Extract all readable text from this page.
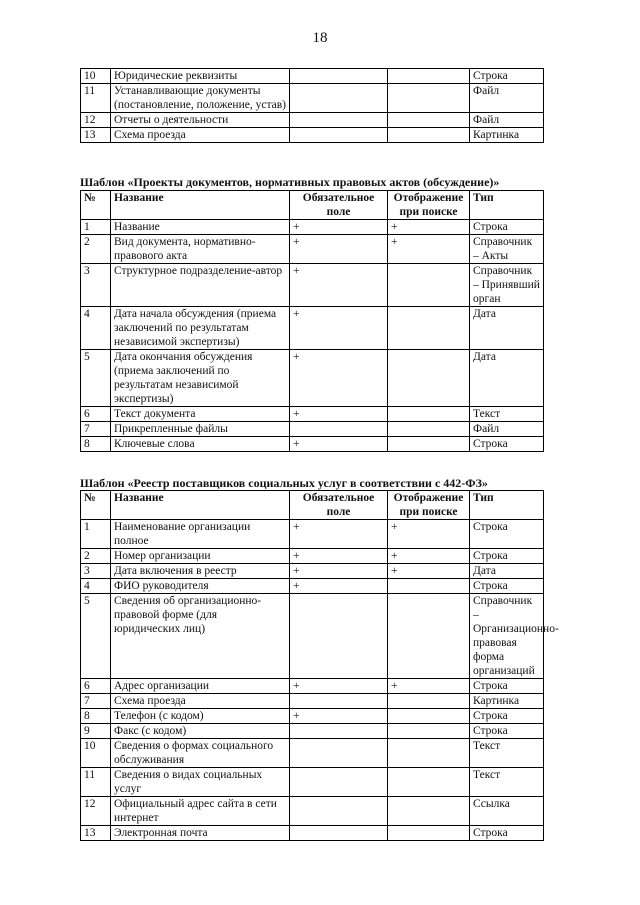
18
10	Юридические реквизиты			Строка
11	Устанавливающие документы (постановление, положение, устав)			Файл
12	Отчеты о деятельности			Файл
13	Схема проезда			Картинка
Шаблон «Проекты документов, нормативных правовых актов (обсуждение)»
№	Название	Обязательное поле	Отображение при поиске	Тип
1	Название	+	+	Строка
2	Вид документа, нормативно-правового акта	+	+	Справочник – Акты
3	Структурное подразделение-автор	+		Справочник – Принявший орган
4	Дата начала обсуждения (приема заключений по результатам независимой экспертизы)	+		Дата
5	Дата окончания обсуждения (приема заключений по результатам независимой экспертизы)	+		Дата
6	Текст документа	+		Текст
7	Прикрепленные файлы			Файл
8	Ключевые слова	+		Строка
Шаблон «Реестр поставщиков социальных услуг в соответствии с 442-ФЗ»
№	Название	Обязательное поле	Отображение при поиске	Тип
1	Наименование организации полное	+	+	Строка
2	Номер организации	+	+	Строка
3	Дата включения в реестр	+	+	Дата
4	ФИО руководителя	+		Строка
5	Сведения об организационно-правовой форме (для юридических лиц)			Справочник – Организационно-правовая форма организаций
6	Адрес организации	+	+	Строка
7	Схема проезда			Картинка
8	Телефон (с кодом)	+		Строка
9	Факс (с кодом)			Строка
10	Сведения о формах социального обслуживания			Текст
11	Сведения о видах социальных услуг			Текст
12	Официальный адрес сайта в сети интернет			Ссылка
13	Электронная почта			Строка
